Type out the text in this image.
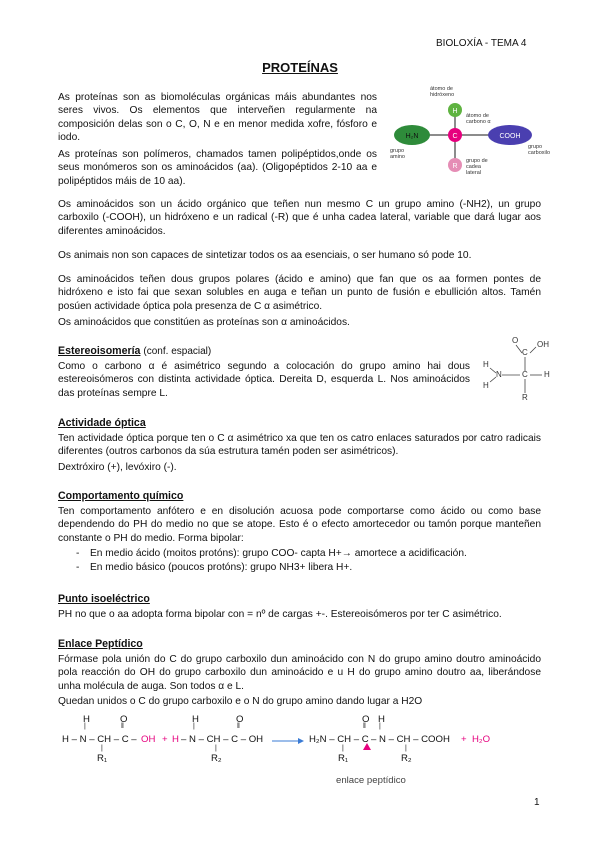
BIOLOXÍA - TEMA 4
PROTEÍNAS

As proteínas son as biomoléculas orgánicas máis abundantes nos seres vivos. Os elementos que interveñen regularmente na composición delas son o C, O, N e en menor medida xofre, fósforo e iodo.

As proteínas son polímeros, chamados tamen polipéptidos,onde os seus monómeros son os aminoácidos (aa). (Oligopéptidos 2-10 aa e polipéptidos máis de 10 aa).

H₂N	COOH
H
C
R
átomo de hidróxeno
átomo de carbono α
grupo amino
grupo carboxilo
grupo de cadea lateral

Os aminoácidos son un ácido orgánico que teñen nun mesmo C un grupo amino (-NH2), un grupo carboxilo (-COOH), un hidróxeno e un radical (-R) que é unha cadea lateral, variable que dará lugar aos diferentes aminoácidos.

Os animais non son capaces de sintetizar todos os aa esenciais, o ser humano só pode 10.

Os aminoácidos teñen dous grupos polares (ácido e amino) que fan que os aa formen pontes de hidróxeno e isto fai que sexan solubles en auga e teñan un punto de fusión e ebullición altos. Tamén posúen actividade óptica pola presenza de C α asimétrico.

Os aminoácidos que constitúen as proteínas son α aminoácidos.

Estereoisomería (conf. espacial)

Como o carbono α é asimétrico segundo a colocación do grupo amino hai dous estereoisómeros con distinta actividade óptica. Dereita D, esquerda L. Nos aminoácidos das proteínas sempre L.

O OH
C
H
N	C H
H
R
Actividade óptica

Ten actividade óptica porque ten o C α asimétrico xa que ten os catro enlaces saturados por catro radicais diferentes (outros carbonos da súa estrutura tamén poden ser asimétricos).

Dextróxiro (+), levóxiro (-).

Comportamento químico

Ten comportamento anfótero e en disolución acuosa pode comportarse como ácido ou como base dependendo do PH do medio no que se atope. Esto é o efecto amortecedor ou tamón porque manteñen constante o PH do medio. Forma bipolar:

- En medio ácido (moitos protóns): grupo COO- capta H+→ amortece a acidificación.
- En medio básico (poucos protóns): grupo NH3+ libera H+.
Punto isoeléctrico

PH no que o aa adopta forma bipolar con = nº de cargas +-. Estereoisómeros por ter C asimétrico.

Enlace Peptídico

Fórmase pola unión do C do grupo carboxilo dun aminoácido con N do grupo amino doutro aminoácido pola reacción do OH do grupo carboxilo dun aminoácido e u H do grupo amino doutro aa, liberándose unha molécula de auga. Son todos α e L.

Quedan unidos o C do grupo carboxilo e o N do grupo amino dando lugar a H2O

H	O	H	O	O H
‖	‖	‖
|	|	|
H – N – CH – C – OH + H – N – CH – C – OH	H₂N – CH – C – N – CH – COOH + H₂O
|	|	|	|
R₁	R₂	R₁	R₂
enlace peptídico
1
